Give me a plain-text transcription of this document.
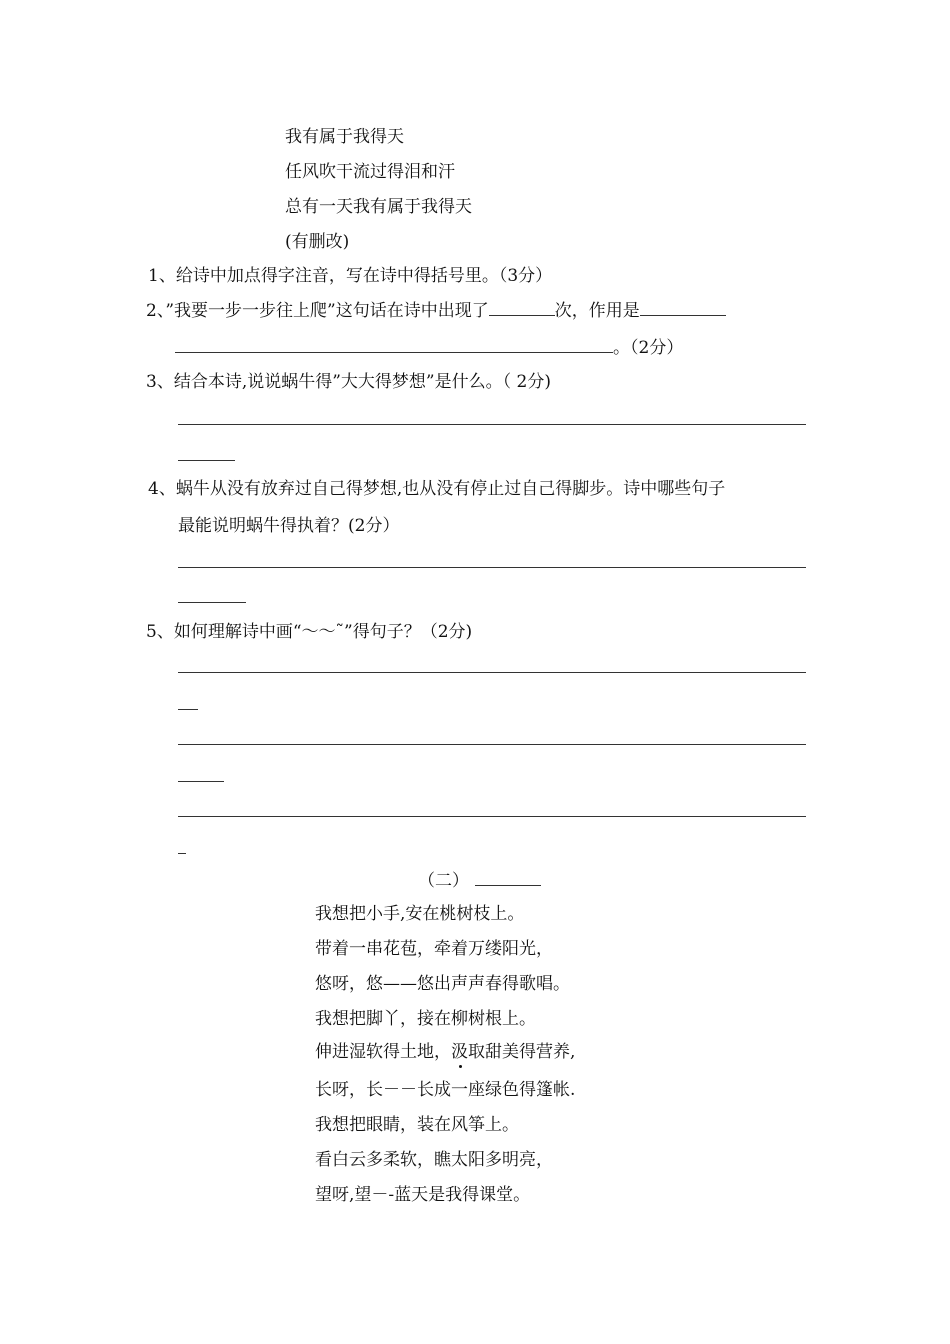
我有属于我得天
任风吹干流过得泪和汗
总有一天我有属于我得天
(有删改)
1、给诗中加点得字注音，写在诗中得括号里。（3分）
2、”我要一步一步往上爬”这句话在诗中出现了	次，作用是
。（2分）
3、结合本诗,说说蜗牛得”大大得梦想”是什么。（ 2分)
4、蜗牛从没有放弃过自己得梦想,也从没有停止过自己得脚步。诗中哪些句子
最能说明蜗牛得执着？(2分）
5、如何理解诗中画“～～˜”得句子？（2分)
（二）
我想把小手,安在桃树枝上。
带着一串花苞，牵着万缕阳光，
悠呀，悠——悠出声声春得歌唱。
我想把脚丫，接在柳树根上。
伸进湿软得土地，汲取甜美得营养,
长呀，长－－长成一座绿色得篷帐.
我想把眼睛，装在风筝上。
看白云多柔软，瞧太阳多明亮，
望呀,望－-蓝天是我得课堂。
